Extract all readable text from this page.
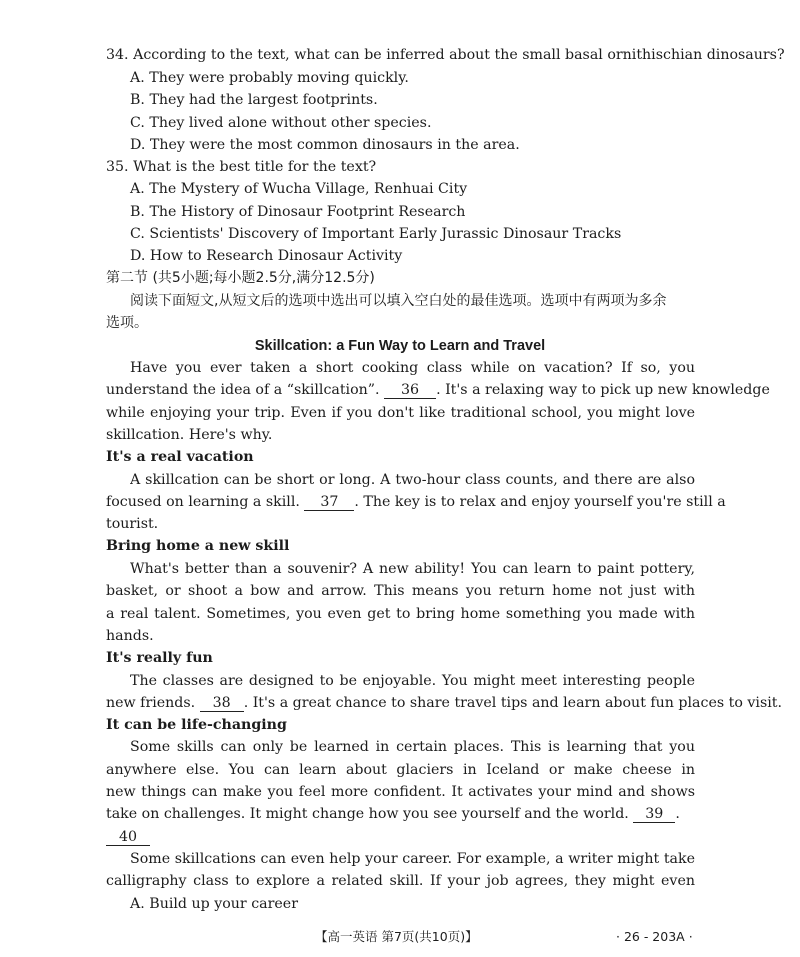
34. According to the text, what can be inferred about the small basal ornithischian dinosaurs?
A. They were probably moving quickly.
B. They had the largest footprints.
C. They lived alone without other species.
D. They were the most common dinosaurs in the area.
35. What is the best title for the text?
A. The Mystery of Wucha Village, Renhuai City
B. The History of Dinosaur Footprint Research
C. Scientists' Discovery of Important Early Jurassic Dinosaur Tracks
D. How to Research Dinosaur Activity
第二节 (共5小题;每小题2.5分,满分12.5分)
阅读下面短文,从短文后的选项中选出可以填入空白处的最佳选项。选项中有两项为多余
选项。
Skillcation: a Fun Way to Learn and Travel
Have you ever taken a short cooking class while on vacation? If so, you
understand the idea of a “skillcation”. 36 . It's a relaxing way to pick up new knowledge
while enjoying your trip. Even if you don't like traditional school, you might love
skillcation. Here's why.
It's a real vacation
A skillcation can be short or long. A two-hour class counts, and there are also
focused on learning a skill. 37 . The key is to relax and enjoy yourself you're still a
tourist.
Bring home a new skill
What's better than a souvenir? A new ability! You can learn to paint pottery,
basket, or shoot a bow and arrow. This means you return home not just with
a real talent. Sometimes, you even get to bring home something you made with
hands.
It's really fun
The classes are designed to be enjoyable. You might meet interesting people
new friends. 38 . It's a great chance to share travel tips and learn about fun places to visit.
It can be life-changing
Some skills can only be learned in certain places. This is learning that you
anywhere else. You can learn about glaciers in Iceland or make cheese in
new things can make you feel more confident. It activates your mind and shows
take on challenges. It might change how you see yourself and the world. 39 .
40
Some skillcations can even help your career. For example, a writer might take
calligraphy class to explore a related skill. If your job agrees, they might even
A. Build up your career
【高一英语 第7页(共10页)】	· 26 - 203A ·
